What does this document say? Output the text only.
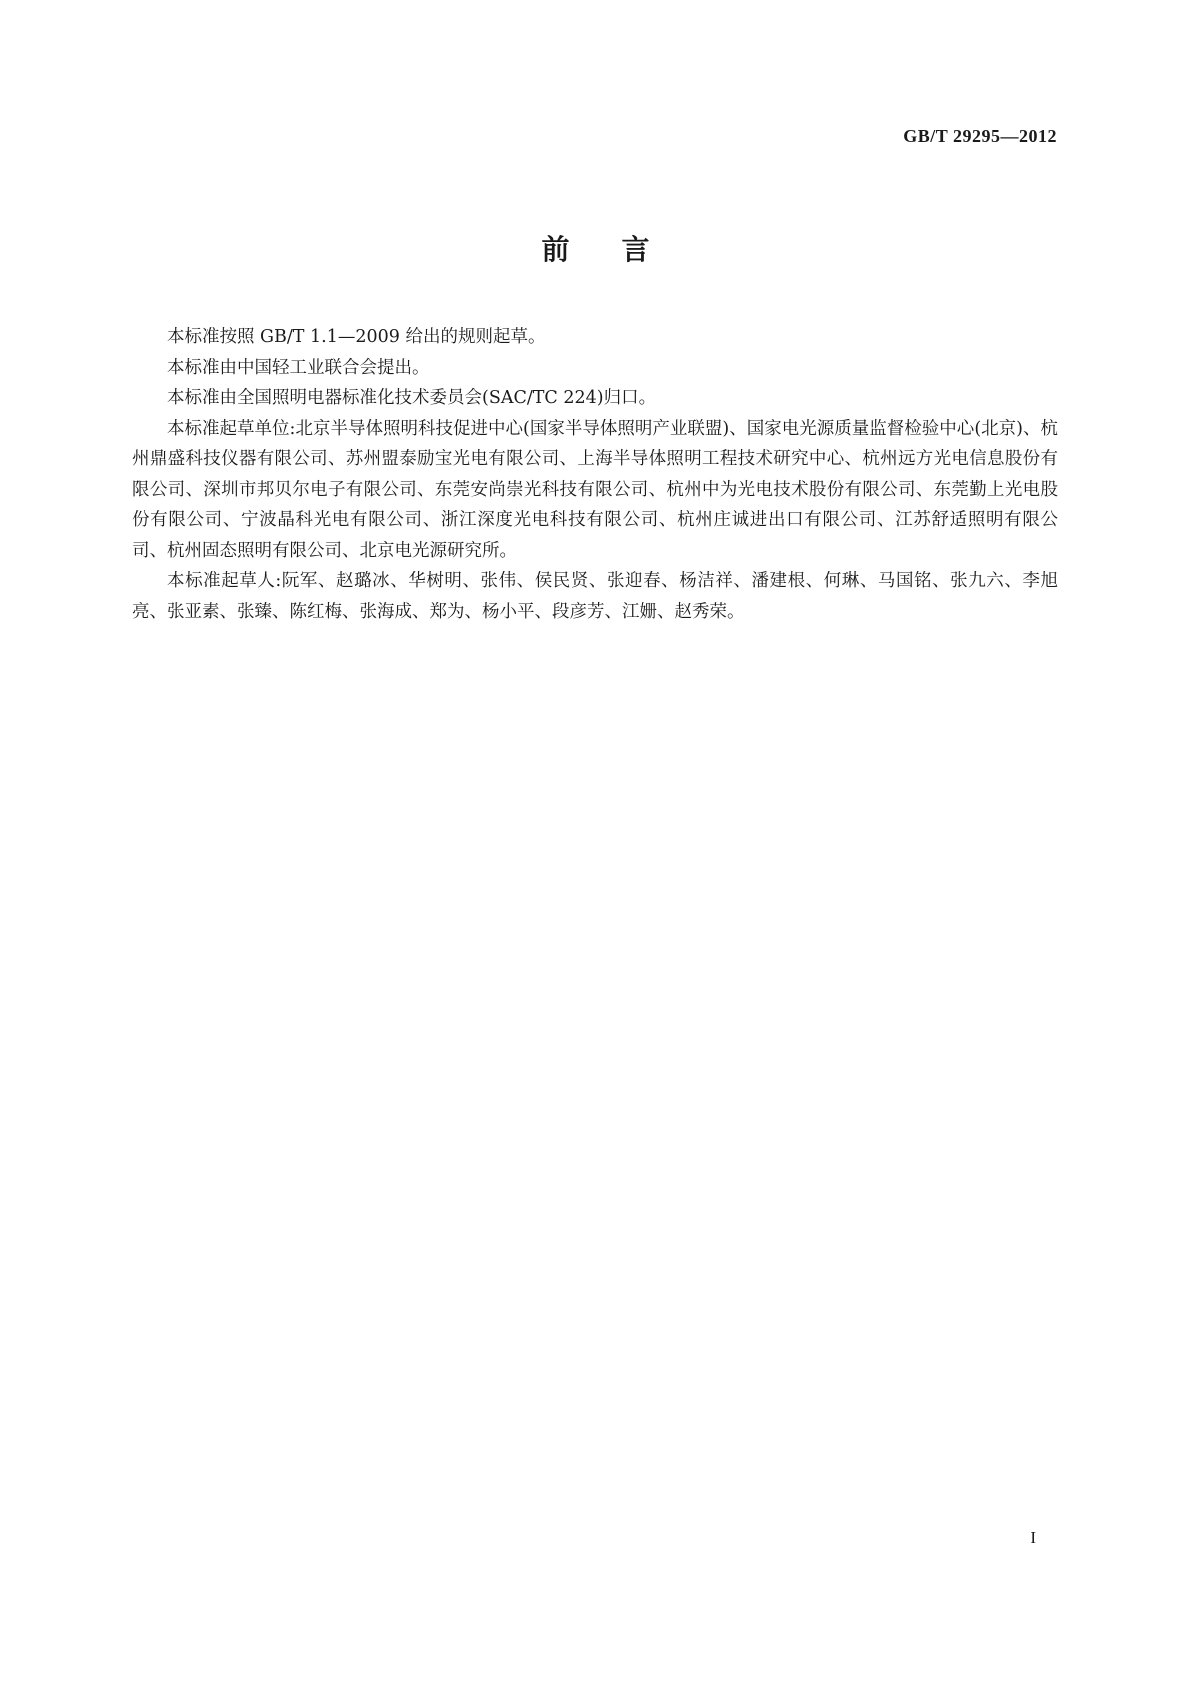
GB/T 29295—2012
前言

本标准按照 GB/T 1.1—2009 给出的规则起草。

本标准由中国轻工业联合会提出。

本标准由全国照明电器标准化技术委员会(SAC/TC 224)归口。

本标准起草单位:北京半导体照明科技促进中心(国家半导体照明产业联盟)、国家电光源质量监督检验中心(北京)、杭州鼎盛科技仪器有限公司、苏州盟泰励宝光电有限公司、上海半导体照明工程技术研究中心、杭州远方光电信息股份有限公司、深圳市邦贝尔电子有限公司、东莞安尚崇光科技有限公司、杭州中为光电技术股份有限公司、东莞勤上光电股份有限公司、宁波晶科光电有限公司、浙江深度光电科技有限公司、杭州庄诚进出口有限公司、江苏舒适照明有限公司、杭州固态照明有限公司、北京电光源研究所。

本标准起草人:阮军、赵璐冰、华树明、张伟、侯民贤、张迎春、杨洁祥、潘建根、何琳、马国铭、张九六、李旭亮、张亚素、张臻、陈红梅、张海成、郑为、杨小平、段彦芳、江姗、赵秀荣。

I
